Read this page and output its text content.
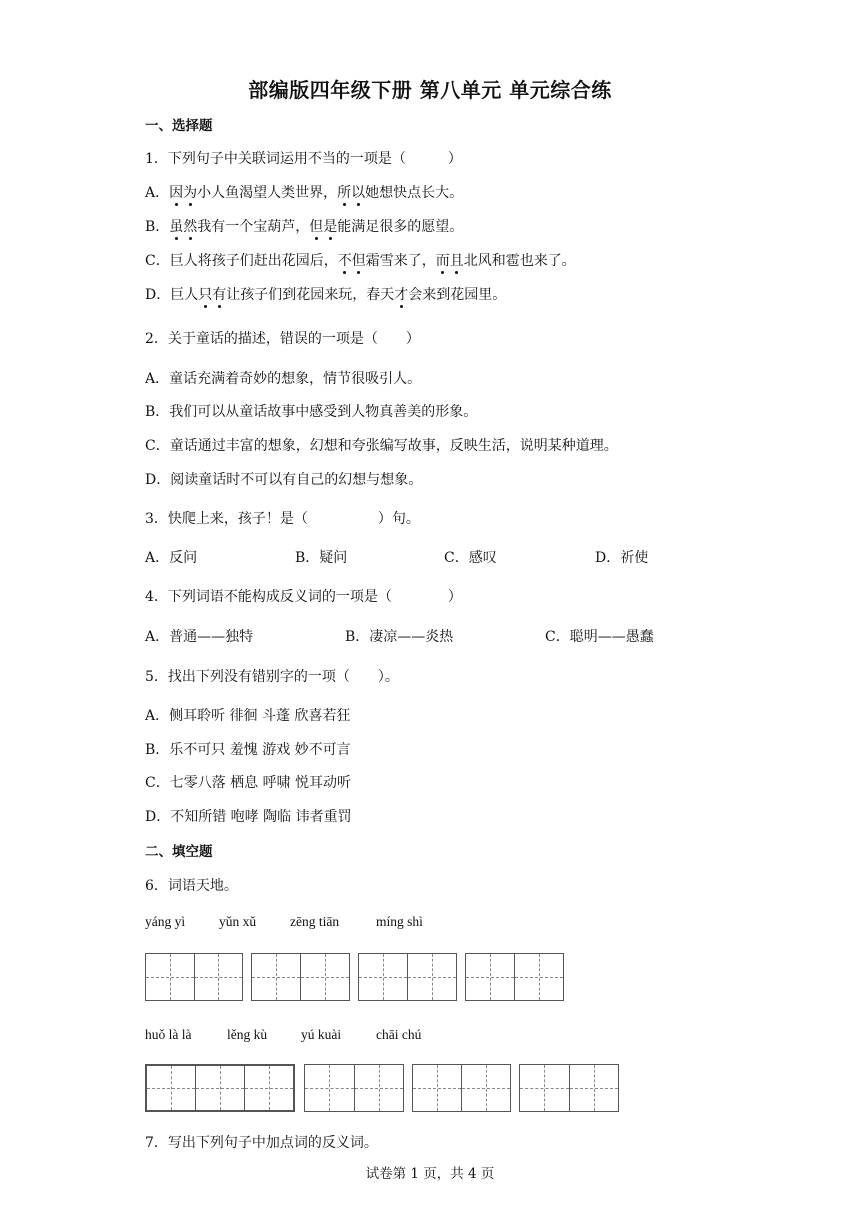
部编版四年级下册 第八单元 单元综合练
一、选择题
1．下列句子中关联词运用不当的一项是（　　　）
A．因为小人鱼渴望人类世界，所以她想快点长大。
B．虽然我有一个宝葫芦，但是能满足很多的愿望。
C．巨人将孩子们赶出花园后，不但霜雪来了，而且北风和雹也来了。
D．巨人只有让孩子们到花园来玩，春天才会来到花园里。
2．关于童话的描述，错误的一项是（　　）
A．童话充满着奇妙的想象，情节很吸引人。
B．我们可以从童话故事中感受到人物真善美的形象。
C．童话通过丰富的想象，幻想和夸张编写故事，反映生活，说明某种道理。
D．阅读童话时不可以有自己的幻想与想象。
3．快爬上来，孩子！是（　　　　　）句。
A．反问	B．疑问	C．感叹	D．祈使
4．下列词语不能构成反义词的一项是（　　　　）
A．普通——独特	B．凄凉——炎热	C．聪明——愚蠢
5．找出下列没有错别字的一项（　　）。
A．侧耳聆听 徘徊 斗蓬 欣喜若狂
B．乐不可只 羞愧 游戏 妙不可言
C．七零八落 栖息 呼啸 悦耳动听
D．不知所错 咆哮 陶临 讳者重罚
二、填空题
6．词语天地。
yáng yì	yǔn xǔ	zēng tiān	míng shì
huǒ là là	lěng kù	yú kuài	chāi chú
7．写出下列句子中加点词的反义词。
试卷第 1 页，共 4 页
